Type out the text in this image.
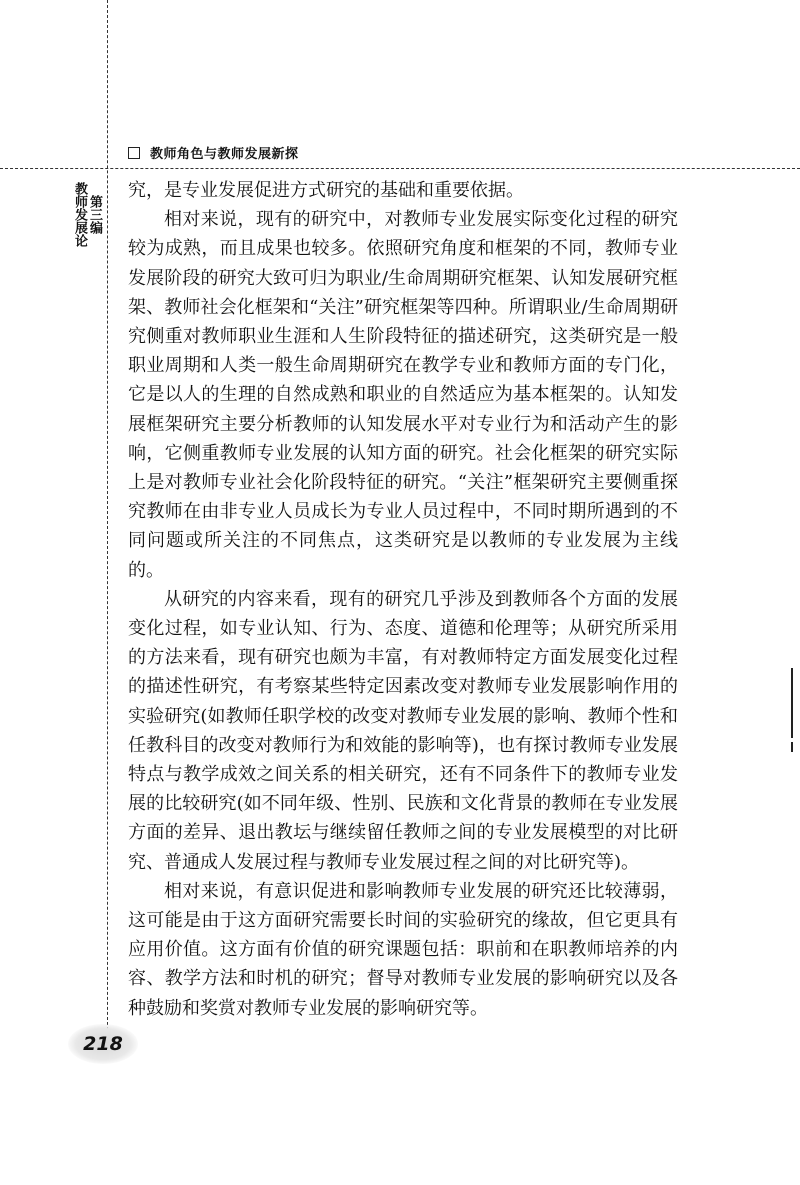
教师角色与教师发展新探
第三编
教师发展论	究，是专业发展促进方式研究的基础和重要依据。

相对来说，现有的研究中，对教师专业发展实际变化过程的研究较为成熟，而且成果也较多。依照研究角度和框架的不同，教师专业发展阶段的研究大致可归为职业/生命周期研究框架、认知发展研究框架、教师社会化框架和“关注”研究框架等四种。所谓职业/生命周期研究侧重对教师职业生涯和人生阶段特征的描述研究，这类研究是一般职业周期和人类一般生命周期研究在教学专业和教师方面的专门化，它是以人的生理的自然成熟和职业的自然适应为基本框架的。认知发展框架研究主要分析教师的认知发展水平对专业行为和活动产生的影响，它侧重教师专业发展的认知方面的研究。社会化框架的研究实际上是对教师专业社会化阶段特征的研究。“关注”框架研究主要侧重探究教师在由非专业人员成长为专业人员过程中，不同时期所遇到的不同问题或所关注的不同焦点，这类研究是以教师的专业发展为主线的。

从研究的内容来看，现有的研究几乎涉及到教师各个方面的发展变化过程，如专业认知、行为、态度、道德和伦理等；从研究所采用的方法来看，现有研究也颇为丰富，有对教师特定方面发展变化过程的描述性研究，有考察某些特定因素改变对教师专业发展影响作用的实验研究(如教师任职学校的改变对教师专业发展的影响、教师个性和任教科目的改变对教师行为和效能的影响等)，也有探讨教师专业发展特点与教学成效之间关系的相关研究，还有不同条件下的教师专业发展的比较研究(如不同年级、性别、民族和文化背景的教师在专业发展方面的差异、退出教坛与继续留任教师之间的专业发展模型的对比研究、普通成人发展过程与教师专业发展过程之间的对比研究等)。

相对来说，有意识促进和影响教师专业发展的研究还比较薄弱，这可能是由于这方面研究需要长时间的实验研究的缘故，但它更具有应用价值。这方面有价值的研究课题包括：职前和在职教师培养的内容、教学方法和时机的研究；督导对教师专业发展的影响研究以及各种鼓励和奖赏对教师专业发展的影响研究等。

218
